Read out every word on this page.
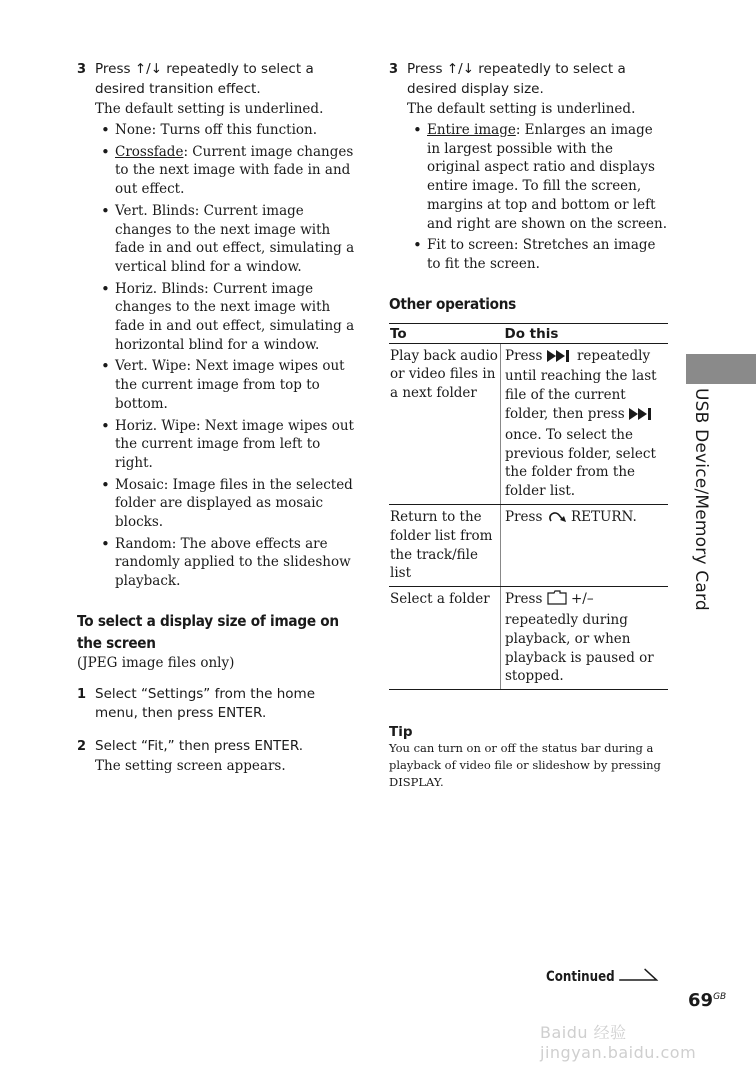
3 Press ↑/↓ repeatedly to select a desired transition effect.
The default setting is underlined.
• None: Turns off this function.
• Crossfade: Current image changes to the next image with fade in and out effect.
• Vert. Blinds: Current image changes to the next image with fade in and out effect, simulating a vertical blind for a window.
• Horiz. Blinds: Current image changes to the next image with fade in and out effect, simulating a horizontal blind for a window.
• Vert. Wipe: Next image wipes out the current image from top to bottom.
• Horiz. Wipe: Next image wipes out the current image from left to right.
• Mosaic: Image files in the selected folder are displayed as mosaic blocks.
• Random: The above effects are randomly applied to the slideshow playback.
To select a display size of image on the screen
(JPEG image files only)
1 Select “Settings” from the home menu, then press ENTER.
2 Select “Fit,” then press ENTER.
The setting screen appears.
3 Press ↑/↓ repeatedly to select a desired display size.
The default setting is underlined.
• Entire image: Enlarges an image in largest possible with the original aspect ratio and displays entire image. To fill the screen, margins at top and bottom or left and right are shown on the screen.
• Fit to screen: Stretches an image to fit the screen.
Other operations
To	Do this
Play back audio or video files in a next folder	Press  repeatedly until reaching the last file of the current folder, then press  once. To select the previous folder, select the folder from the folder list.
Return to the folder list from the track/file list	Press  RETURN.
Select a folder	Press  +/– repeatedly during playback, or when playback is paused or stopped.
Tip
You can turn on or off the status bar during a playback of video file or slideshow by pressing DISPLAY.
USB Device/Memory Card
Continued
$69^{GB}$
Baidu 经验 jingyan.baidu.com
